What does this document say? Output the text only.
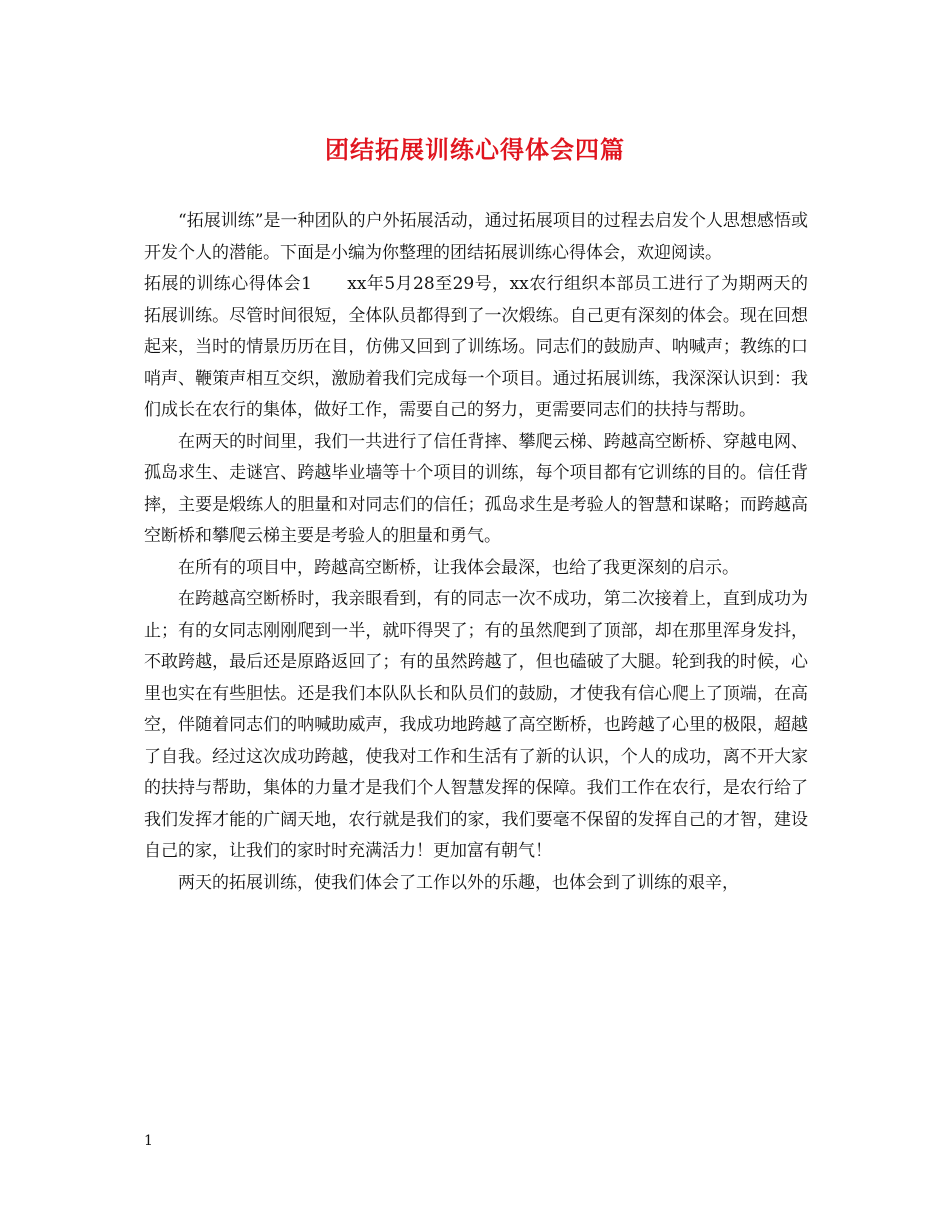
团结拓展训练心得体会四篇

“拓展训练”是一种团队的户外拓展活动，通过拓展项目的过程去启发个人思想感悟或开发个人的潜能。下面是小编为你整理的团结拓展训练心得体会，欢迎阅读。

拓展的训练心得体会1　　xx年5月28至29号，xx农行组织本部员工进行了为期两天的拓展训练。尽管时间很短，全体队员都得到了一次煅练。自己更有深刻的体会。现在回想起来，当时的情景历历在目，仿佛又回到了训练场。同志们的鼓励声、呐喊声；教练的口哨声、鞭策声相互交织，激励着我们完成每一个项目。通过拓展训练，我深深认识到：我们成长在农行的集体，做好工作，需要自己的努力，更需要同志们的扶持与帮助。

在两天的时间里，我们一共进行了信任背摔、攀爬云梯、跨越高空断桥、穿越电网、孤岛求生、走谜宫、跨越毕业墙等十个项目的训练，每个项目都有它训练的目的。信任背摔，主要是煅练人的胆量和对同志们的信任；孤岛求生是考验人的智慧和谋略；而跨越高空断桥和攀爬云梯主要是考验人的胆量和勇气。

在所有的项目中，跨越高空断桥，让我体会最深，也给了我更深刻的启示。

在跨越高空断桥时，我亲眼看到，有的同志一次不成功，第二次接着上，直到成功为止；有的女同志刚刚爬到一半，就吓得哭了；有的虽然爬到了顶部，却在那里浑身发抖，不敢跨越，最后还是原路返回了；有的虽然跨越了，但也磕破了大腿。轮到我的时候，心里也实在有些胆怯。还是我们本队队长和队员们的鼓励，才使我有信心爬上了顶端，在高空，伴随着同志们的呐喊助威声，我成功地跨越了高空断桥，也跨越了心里的极限，超越了自我。经过这次成功跨越，使我对工作和生活有了新的认识，个人的成功，离不开大家的扶持与帮助，集体的力量才是我们个人智慧发挥的保障。我们工作在农行，是农行给了我们发挥才能的广阔天地，农行就是我们的家，我们要毫不保留的发挥自己的才智，建设自己的家，让我们的家时时充满活力！更加富有朝气！

两天的拓展训练，使我们体会了工作以外的乐趣，也体会到了训练的艰辛，

1
